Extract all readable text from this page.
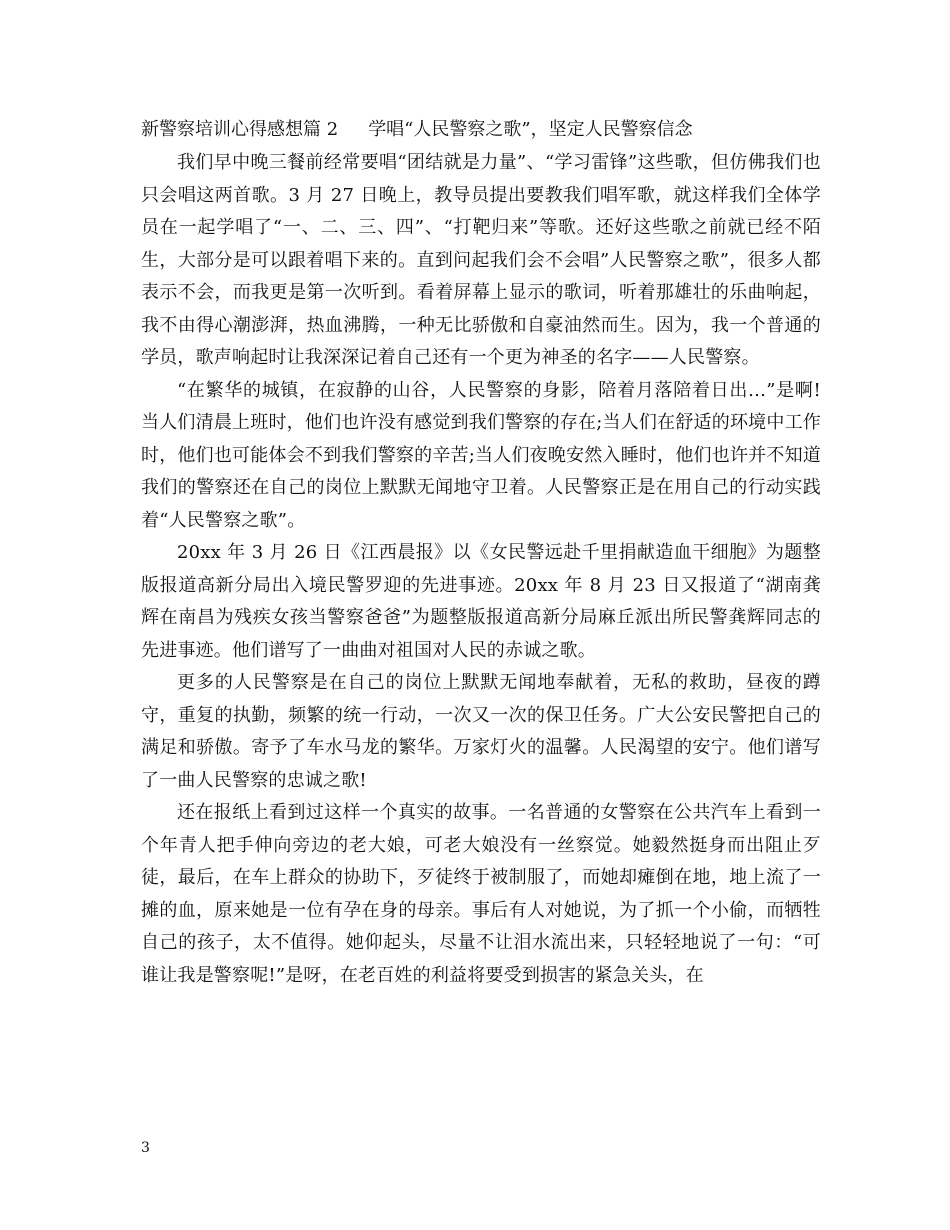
新警察培训心得感想篇 2 学唱“人民警察之歌”，坚定人民警察信念

我们早中晚三餐前经常要唱“团结就是力量”、“学习雷锋”这些歌，但仿佛我们也只会唱这两首歌。3 月 27 日晚上，教导员提出要教我们唱军歌，就这样我们全体学员在一起学唱了“一、二、三、四”、“打靶归来”等歌。还好这些歌之前就已经不陌生，大部分是可以跟着唱下来的。直到问起我们会不会唱”人民警察之歌”，很多人都表示不会，而我更是第一次听到。看着屏幕上显示的歌词，听着那雄壮的乐曲响起，我不由得心潮澎湃，热血沸腾，一种无比骄傲和自豪油然而生。因为，我一个普通的学员，歌声响起时让我深深记着自己还有一个更为神圣的名字——人民警察。

“在繁华的城镇，在寂静的山谷，人民警察的身影，陪着月落陪着日出…”是啊!当人们清晨上班时，他们也许没有感觉到我们警察的存在;当人们在舒适的环境中工作时，他们也可能体会不到我们警察的辛苦;当人们夜晚安然入睡时，他们也许并不知道我们的警察还在自己的岗位上默默无闻地守卫着。人民警察正是在用自己的行动实践着“人民警察之歌”。

20xx 年 3 月 26 日《江西晨报》以《女民警远赴千里捐献造血干细胞》为题整版报道高新分局出入境民警罗迎的先进事迹。20xx 年 8 月 23 日又报道了“湖南龚辉在南昌为残疾女孩当警察爸爸”为题整版报道高新分局麻丘派出所民警龚辉同志的先进事迹。他们谱写了一曲曲对祖国对人民的赤诚之歌。

更多的人民警察是在自己的岗位上默默无闻地奉献着，无私的救助，昼夜的蹲守，重复的执勤，频繁的统一行动，一次又一次的保卫任务。广大公安民警把自己的满足和骄傲。寄予了车水马龙的繁华。万家灯火的温馨。人民渴望的安宁。他们谱写了一曲人民警察的忠诚之歌!

还在报纸上看到过这样一个真实的故事。一名普通的女警察在公共汽车上看到一个年青人把手伸向旁边的老大娘，可老大娘没有一丝察觉。她毅然挺身而出阻止歹徒，最后，在车上群众的协助下，歹徒终于被制服了，而她却瘫倒在地，地上流了一摊的血，原来她是一位有孕在身的母亲。事后有人对她说，为了抓一个小偷，而牺牲自己的孩子，太不值得。她仰起头，尽量不让泪水流出来，只轻轻地说了一句：“可谁让我是警察呢!”是呀，在老百姓的利益将要受到损害的紧急关头，在

3
